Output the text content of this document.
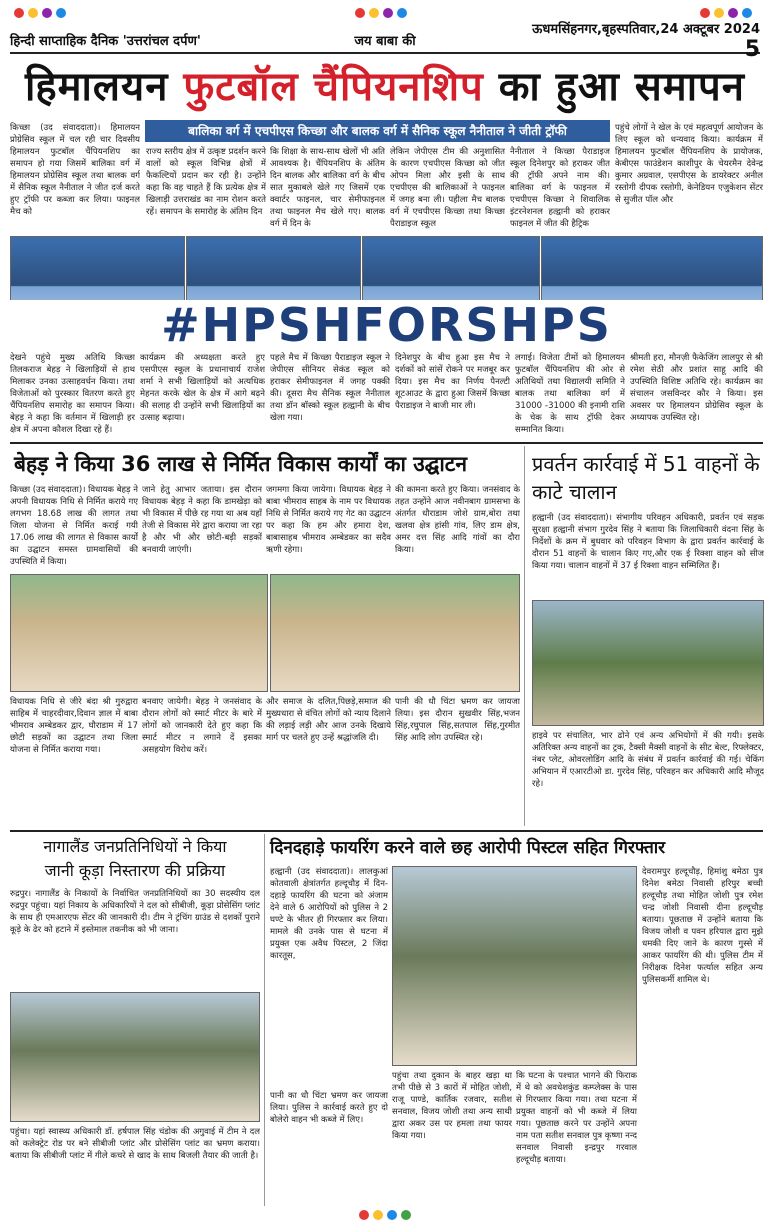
हिन्दी साप्ताहिक दैनिक 'उत्तरांचल दर्पण'	जय बाबा की
ऊधमसिंहनगर,बृहस्पतिवार,24 अक्टूबर 2024 5
हिमालयन फुटबॉल चैंपियनशिप का हुआ समापन
बालिका वर्ग में एचपीएस किच्छा और बालक वर्ग में सैनिक स्कूल नैनीताल ने जीती ट्रॉफी
किच्छा (उद संवाददाता)। हिमालयन प्रोग्रेसिव स्कूल में चल रही चार दिवसीय हिमालयन फुटबॉल चैंपियनशिप का समापन हो गया जिसमें बालिका वर्ग में हिमालयन प्रोग्रेसिव स्कूल तथा बालक वर्ग में सैनिक स्कूल नैनीताल ने जीत दर्ज करते हुए ट्रॉफी पर कब्जा कर लिया। फाइनल मैच को
राज्य स्तरीय क्षेत्र में उत्कृष्ट प्रदर्शन करने वालों को स्कूल विभिन्न क्षेत्रों में फैकल्टियों प्रदान कर रही है। उन्होंने कहा कि वह चाहते हैं कि प्रत्येक क्षेत्र में खिलाड़ी उत्तराखंड का नाम रोशन करते रहें। समापन के समारोह के अंतिम दिन
कि शिक्षा के साथ-साथ खेलों भी अति आवश्यक है। चैंपियनशिप के अंतिम दिन बालक और बालिका वर्ग के बीच सात मुकाबले खेले गए जिसमें एक क्वार्टर फाइनल, चार सेमीफाइनल तथा फाइनल मैच खेले गए। बालक वर्ग में दिन के
लेकिन जेपीएस टीम की अनुशासित के कारण एचपीएस किच्छा को जीत ओपन मिला और इसी के साथ एचपीएस की बालिकाओं ने फाइनल में जगह बना ली। पहीला मैच बालक वर्ग में एचपीएस किच्छा तथा किच्छा पैराडाइज स्कूल
नैनीताल ने किच्छा पैराडाइज स्कूल दिनेशपुर को हराकर जीत की ट्रॉफी अपने नाम की। बालिका वर्ग के फाइनल में एचपीएस किच्छा ने शिवालिक इंटरनेशनल हल्द्वानी को हराकर फाइनल में जीत की हैट्रिक
पहुंचे लोगों ने खेल के एवं महत्वपूर्ण आयोजन के लिए स्कूल को धन्यवाद किया। कार्यक्रम में हिमालयन फुटबॉल चैंपियनशिप के प्रायोजक, केबीएस फाउंडेशन काशीपुर के चेयरमैन देवेन्द्र कुमार अग्रवाल, एसपीएस के डायरेक्टर अनील रस्तोगी दीपक रस्तोगी, केनेडियन एजुकेशन सेंटर से सुजीत पॉल और
#HPSHFORSHPS
देखने पहुंचे मुख्य अतिथि किच्छा तिलकराज बेहड़ ने खिलाड़ियों से हाथ मिलाकर उनका उत्साहवर्धन किया। तथा विजेताओं को पुरस्कार वितरण करते हुए चैंपियनशिप समारोह का समापन किया। बेहड़ ने कहा कि वर्तमान में खिलाड़ी हर क्षेत्र में अपना कौशल दिखा रहे हैं।
कार्यक्रम की अध्यक्षता करते हुए एसपीएस स्कूल के प्रधानाचार्य राजेश शर्मा ने सभी खिलाड़ियों को अत्यधिक मेहनत करके खेल के क्षेत्र में आगे बढ़ने की सलाह दी उन्होंने सभी खिलाड़ियों का उत्साह बढ़ाया।
पहले मैच में किच्छा पैराडाइज स्कूल ने जेपीएस सीनियर सेकंड स्कूल को हराकर सेमीफाइनल में जगह पक्की की। दूसरा मैच सैनिक स्कूल नैनीताल तथा डॉन बॉस्को स्कूल हल्द्वानी के बीच खेला गया।
दिनेशपुर के बीच हुआ इस मैच ने दर्शकों को सांसें रोकने पर मजबूर कर दिया। इस मैच का निर्णय पैनल्टी शूटआउट के द्वारा हुआ जिसमें किच्छा पैराडाइज ने बाजी मार ली।
लगाई। विजेता टीमों को हिमालयन फुटबॉल चैंपियनशिप की ओर से अतिथियों तथा विद्यालयी समिति ने बालक तथा बालिका वर्ग में 31000 -31000 की इनामी राशि के चेक के साथ ट्रॉफी देकर सम्मानित किया।
श्रीमती हरा, मौनज़ी फैकेजिंग लालपुर से श्री रमेश सेठी और प्रशांत साहू आदि की उपस्थिति विशिष्ट अतिथि रहे। कार्यक्रम का संचालन जसविन्दर कौर ने किया। इस अवसर पर हिमालयन प्रोग्रेसिव स्कूल के अध्यापक उपस्थित रहे।
बेहड़ ने किया 36 लाख से निर्मित विकास कार्यों का उद्घाटन
किच्छा (उद संवाददाता)। विधायक बेहड़ ने अपनी विधायक निधि से निर्मित कराये गए लगभग 18.68 लाख की लागत तथा जिला योजना से निर्मित कराई गयी 17.06 लाख की लागत से विकास कार्यों का उद्घाटन समस्त ग्रामवासियों की उपस्थिति में किया।
जाने हेतु आभार जताया। इस दौरान विधायक बेहड़ ने कहा कि डामखेड़ा को भी विकास में पीछे रह गया था अब यहाँ तेजी से विकास मेरे द्वारा कराया जा रहा है और भी और छोटी-बड़ी सड़कों बनवायी जाएंगी।
जगमगा किया जायेगा। विधायक बेहड़ ने बाबा भीमराव साहब के नाम पर विधायक निधि से निर्मित कराये गए गेट का उद्घाटन पर कहा कि हम और हमारा देश, बाबासाहब भीमराव अम्बेडकर का सदैव ऋणी रहेगा।
की कामना करते हुए किया। जनसंवाद के तहत उन्होंने आज नवीनबाग ग्रामसभा के अंतर्गत धौराडाम जोशे ग्राम,बोरा तथा खलवा क्षेत्र हांसी गांव, लिए डाम क्षेत्र, अमर दत्त सिंह आदि गांवों का दौरा किया।
विधायक निधि से जीरे बंदा श्री गुरुद्वारा साहिब में चाहरदीवार,दिवान ज्ञाल में बाबा भीमराव अम्बेडकर द्वार, घौराडाम में 17 छोटी सड़कों का उद्घाटन तथा जिला योजना से निर्मित कराया गया।
बनवाए जायेगी। बेहड़ ने जनसंवाद के दौरान लोगों को स्मार्ट मीटर के बारे में लोगों को जानकारी देते हुए कहा कि स्मार्ट मीटर न लगाने दें इसका असहयोग विरोध करें।
और समाज के दलित,पिछड़े,समाज की मुख्यधारा से वंचित लोगों को न्याय दिलाने की लड़ाई लड़ी और आज उनके दिखाये मार्ग पर चलते हुए उन्हें श्रद्धांजलि दी।
पानी की धौ चिंटा भ्रमण कर जायजा लिया। इस दौरान सुखवीर सिंह,भजन सिंह,रघुपाल सिंह,सतपाल सिंह,गुरमीत सिंह आदि लोग उपस्थित रहे।
प्रवर्तन कार्रवाई में 51 वाहनों के काटे चालान
हल्द्वानी (उद संवाददाता)। संभागीय परिवहन अधिकारी, प्रवर्तन एवं सड़क सुरक्षा हल्द्वानी संभाग गुरदेव सिंह ने बताया कि जिलाधिकारी वंदना सिंह के निर्देशों के क्रम में बुधवार को परिवहन विभाग के द्वारा प्रवर्तन कार्रवाई के दौरान 51 वाहनों के चालान किए गए,और एक ई रिक्शा वाहन को सीज किया गया। चालान वाहनों में 37 ई रिक्शा वाहन सम्मिलित हैं।
हाइवे पर संचालित, भार ढोने एवं अन्य अभियोगों में की गयी। इसके अतिरिक्त अन्य वाहनों का ट्रक, टैक्सी मैक्सी वाहनों के सीट बेल्ट, रिफ्लेक्टर, नंबर प्लेट, ओवरलोडिंग आदि के संबंध में प्रवर्तन कार्रवाई की गई। चेकिंग अभियान में एआरटीओ डा. गुरदेव सिंह, परिवहन कर अधिकारी आदि मौजूद रहे।
नागालैंड जनप्रतिनिधियों ने किया
जानी कूड़ा निस्तारण की प्रक्रिया
रुद्रपुर। नागालैंड के निकायों के निर्वाचित जनप्रतिनिधियों का 30 सदस्यीय दल रुद्रपुर पहुंचा। यहां निकाय के अधिकारियों ने दल को सीबीजी, कूड़ा प्रोसेसिंग प्लांट के साथ ही एमआरएफ सेंटर की जानकारी दी। टीम ने ट्रंचिंग ग्राउंड से दशकों पुराने कूड़े के ढेर को हटाने में इस्तेमाल तकनीक को भी जाना।
पहुंचा। यहां स्वास्थ्य अधिकारी डॉ. हर्षपाल सिंह चंडोक की अगुवाई में टीम ने दल को कलेक्ट्रेट रोड पर बने सीबीजी प्लांट और प्रोसेसिंग प्लांट का भ्रमण कराया। बताया कि सीबीजी प्लांट में गीले कचरे से खाद के साथ बिजली तैयार की जाती है।
दिनदहाड़े फायरिंग करने वाले छह आरोपी पिस्टल सहित गिरफ्तार
हल्द्वानी (उद संवाददाता)। लालकुआं कोतवाली क्षेत्रांतर्गत हल्दूचौड़ में दिन-दहाड़े फायरिंग की घटना को अंजाम देने वाले 6 आरोपियों को पुलिस ने 2 घण्टे के भीतर ही गिरफ्तार कर लिया। मामले की उनके पास से घटना में प्रयुक्त एक अवैध पिस्टल, 2 जिंदा कारतूस,
देवरामपुर हल्दूचौड़, हिमांशु बमेठा पुत्र दिनेश बमेठा निवासी हरिपुर बच्ची हल्दूचौड़ तथा मोहित जोशी पुत्र रमेश चन्द्र जोशी निवासी दीना हल्दूचौड़ बताया। पूछताछ में उन्होंने बताया कि विजय जोशी व पवन हरियाल द्वारा मुझे धमकी दिए जाने के कारण गुस्से में आकर फायरिंग की थी। पुलिस टीम में निरीक्षक दिनेश फर्त्याल सहित अन्य पुलिसकर्मी शामिल थे।
पहुंचा तथा दुकान के बाहर खड़ा था तभी पीछे से 3 कारों में मोहित जोशी, राजू पाण्डे, कार्तिक रजवार, सतीश सनवाल, विजय जोशी तथा अन्य साथी द्वारा अकर उस पर हमला तथा फायर किया गया।
कि घटना के पश्चात भागने की फिराक में थे को अवधेशकुंड कम्प्लेक्स के पास से गिरफ्तार किया गया। तथा घटना में प्रयुक्त वाहनों को भी कब्जे में लिया गया। पूछताछ करने पर उन्होंने अपना नाम पता सतीश सनवाल पुत्र कृष्णा नन्द सनवाल निवासी इन्द्रपुर गरवाल हल्दूचौड़ बताया।
पानी का धौ चिंटा भ्रमण कर जायजा लिया। पुलिस ने कार्रवाई करते हुए दो बोलेरो वाहन भी कब्जे में लिए।
